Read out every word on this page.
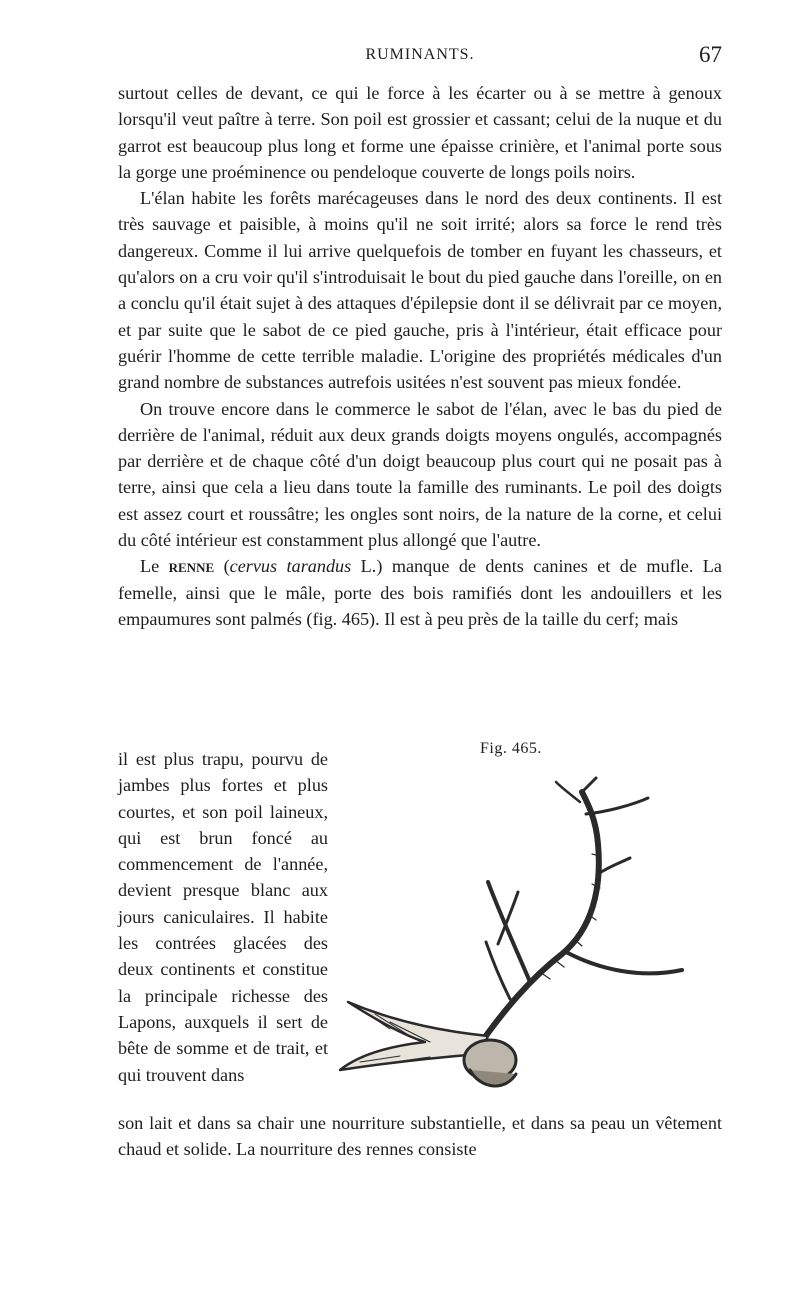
RUMINANTS.	67

surtout celles de devant, ce qui le force à les écarter ou à se mettre à genoux lorsqu'il veut paître à terre. Son poil est grossier et cassant; celui de la nuque et du garrot est beaucoup plus long et forme une épaisse crinière, et l'animal porte sous la gorge une proéminence ou pendeloque couverte de longs poils noirs.

L'élan habite les forêts marécageuses dans le nord des deux continents. Il est très sauvage et paisible, à moins qu'il ne soit irrité; alors sa force le rend très dangereux. Comme il lui arrive quelquefois de tomber en fuyant les chasseurs, et qu'alors on a cru voir qu'il s'introduisait le bout du pied gauche dans l'oreille, on en a conclu qu'il était sujet à des attaques d'épilepsie dont il se délivrait par ce moyen, et par suite que le sabot de ce pied gauche, pris à l'intérieur, était efficace pour guérir l'homme de cette terrible maladie. L'origine des propriétés médicales d'un grand nombre de substances autrefois usitées n'est souvent pas mieux fondée.

On trouve encore dans le commerce le sabot de l'élan, avec le bas du pied de derrière de l'animal, réduit aux deux grands doigts moyens ongulés, accompagnés par derrière et de chaque côté d'un doigt beaucoup plus court qui ne posait pas à terre, ainsi que cela a lieu dans toute la famille des ruminants. Le poil des doigts est assez court et roussâtre; les ongles sont noirs, de la nature de la corne, et celui du côté intérieur est constamment plus allongé que l'autre.

Le renne (cervus tarandus L.) manque de dents canines et de mufle. La femelle, ainsi que le mâle, porte des bois ramifiés dont les andouillers et les empaumures sont palmés (fig. 465). Il est à peu près de la taille du cerf; mais

il est plus trapu, pourvu de jambes plus fortes et plus courtes, et son poil laineux, qui est brun foncé au commencement de l'année, devient presque blanc aux jours caniculaires. Il habite les contrées glacées des deux continents et constitue la principale richesse des Lapons, auxquels il sert de bête de somme et de trait, et qui trouvent dans

Fig. 465.

son lait et dans sa chair une nourriture substantielle, et dans sa peau un vêtement chaud et solide. La nourriture des rennes consiste
